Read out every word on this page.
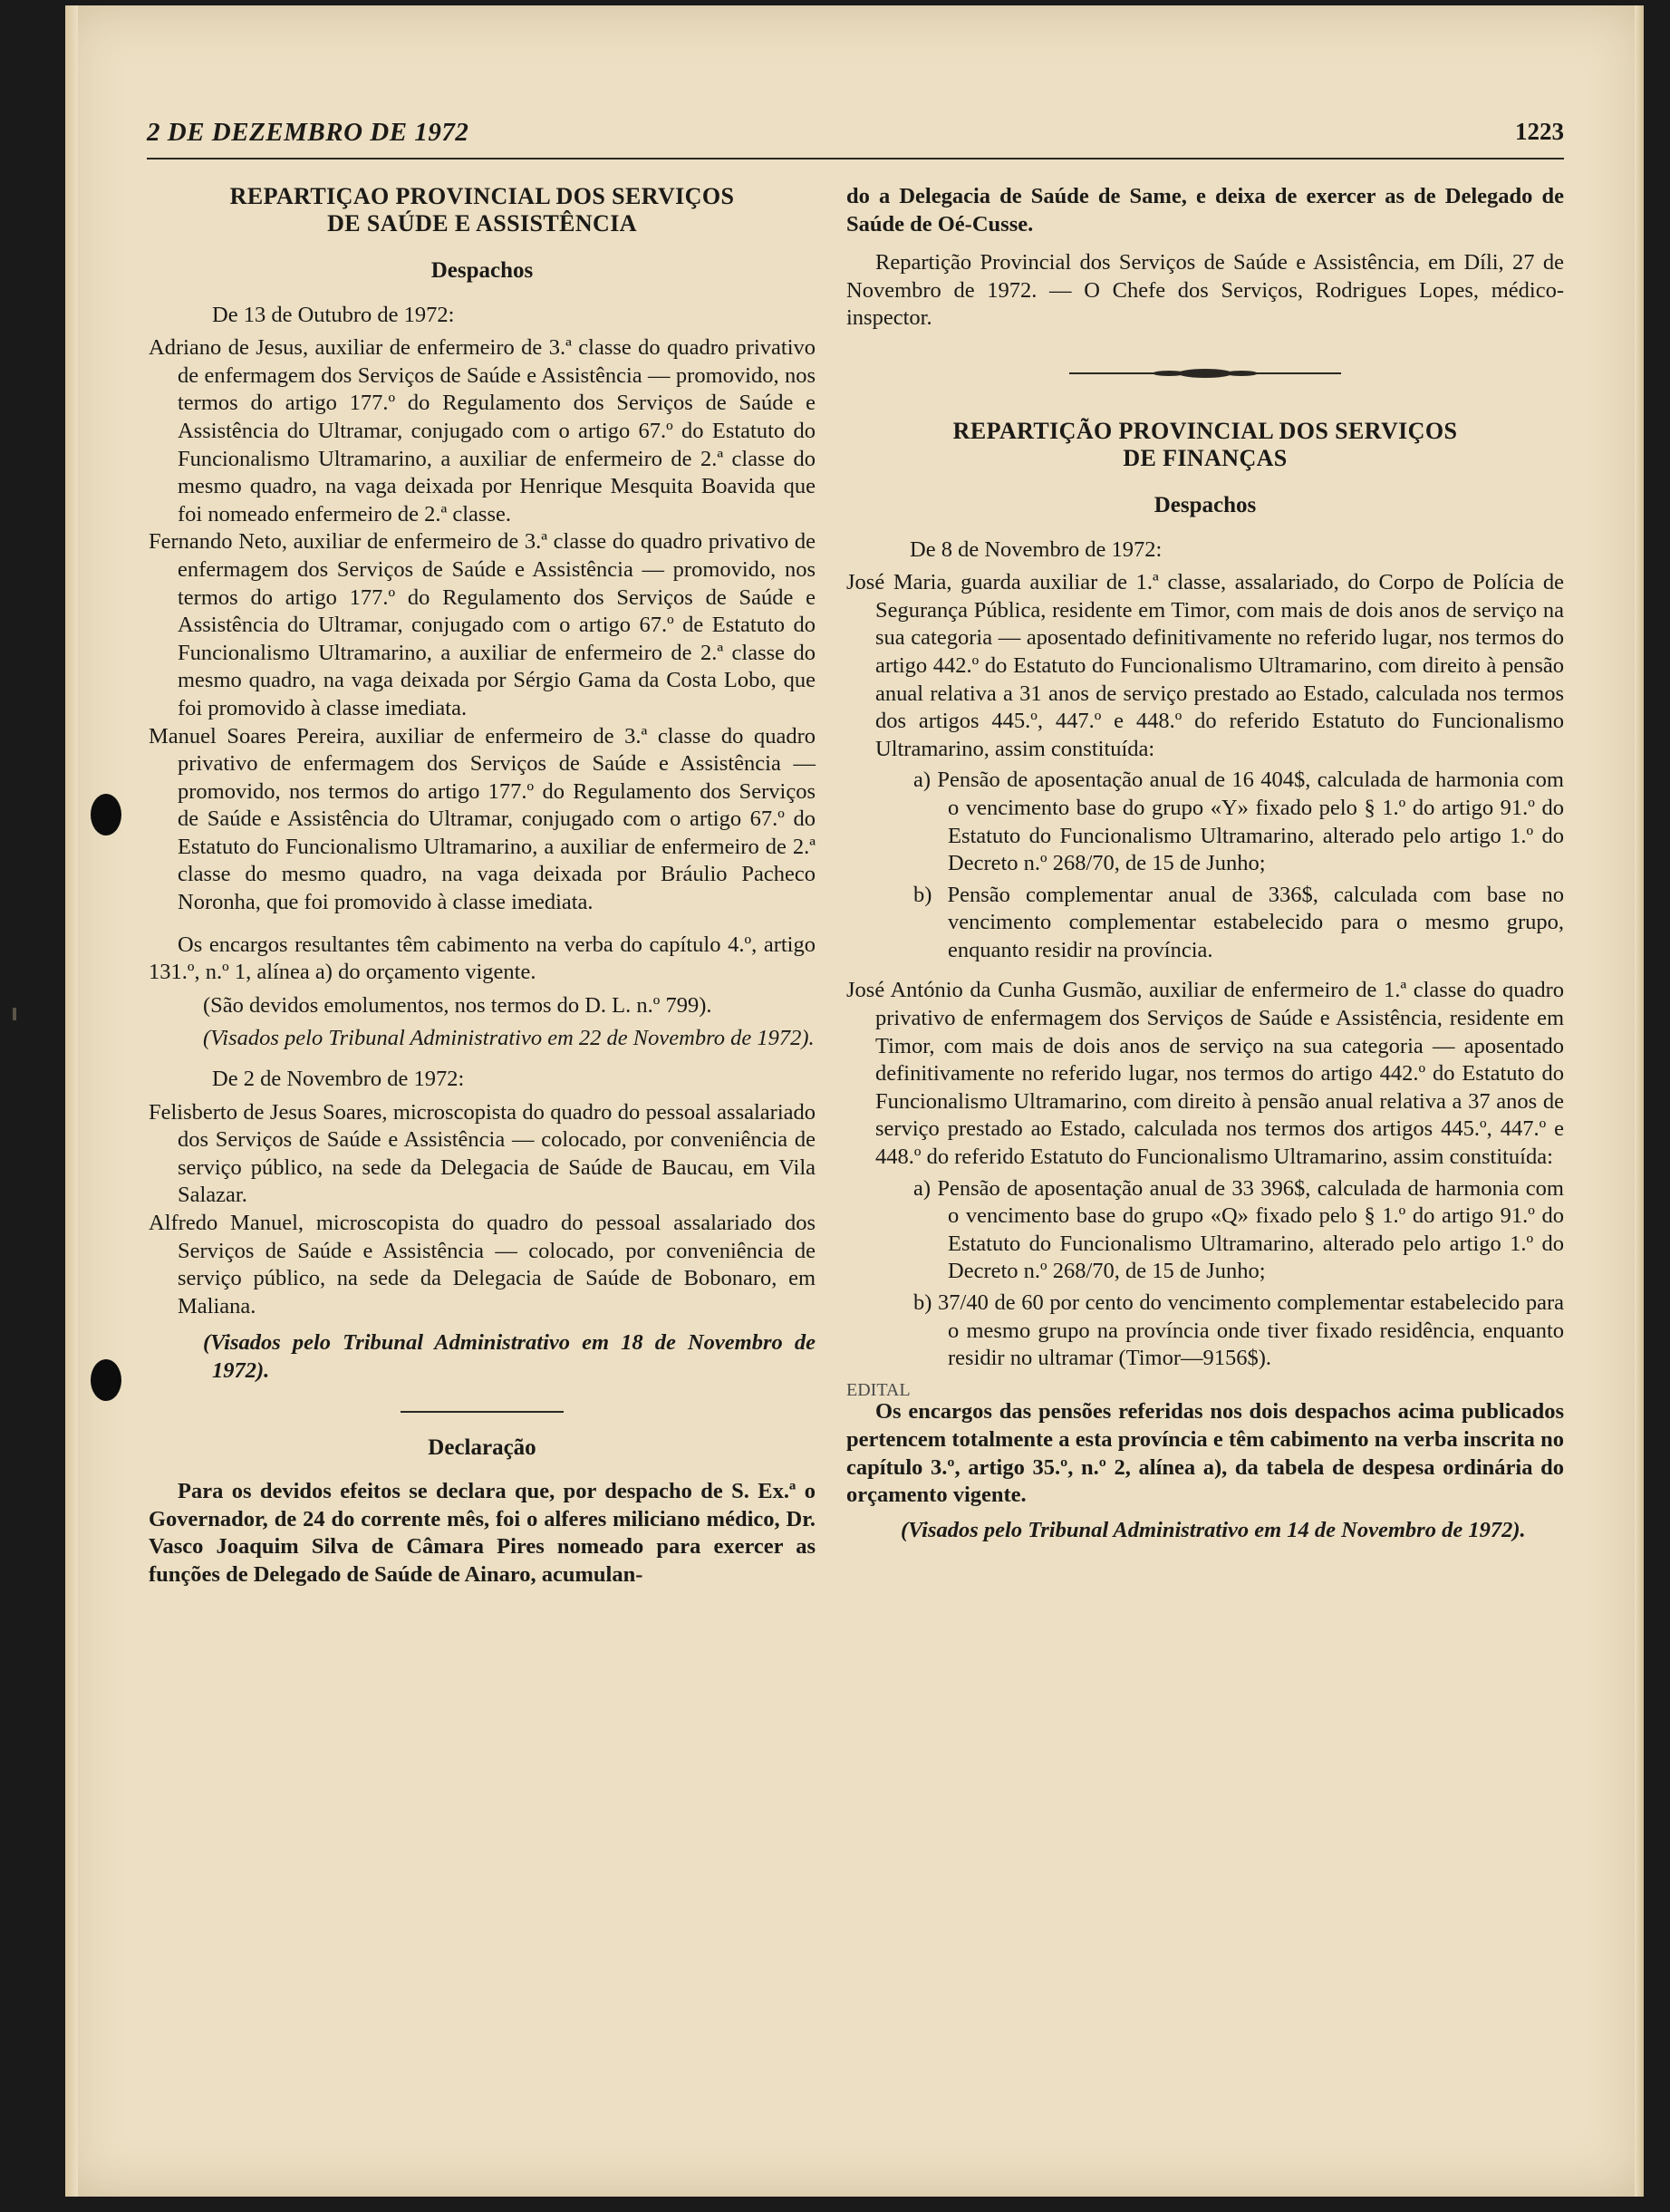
2 DE DEZEMBRO DE 1972	1223

REPARTIÇAO PROVINCIAL DOS SERVIÇOS
DE SAÚDE E ASSISTÊNCIA

Despachos

De 13 de Outubro de 1972:

Adriano de Jesus, auxiliar de enfermeiro de 3.ª classe do quadro privativo de enfermagem dos Serviços de Saúde e Assistência — promovido, nos termos do artigo 177.º do Regulamento dos Serviços de Saúde e Assistência do Ultramar, conjugado com o artigo 67.º do Estatuto do Funcionalismo Ultramarino, a auxiliar de enfermeiro de 2.ª classe do mesmo quadro, na vaga deixada por Henrique Mesquita Boavida que foi nomeado enfermeiro de 2.ª classe.

Fernando Neto, auxiliar de enfermeiro de 3.ª classe do quadro privativo de enfermagem dos Serviços de Saúde e Assistência — promovido, nos termos do artigo 177.º do Regulamento dos Serviços de Saúde e Assistência do Ultramar, conjugado com o artigo 67.º de Estatuto do Funcionalismo Ultramarino, a auxiliar de enfermeiro de 2.ª classe do mesmo quadro, na vaga deixada por Sérgio Gama da Costa Lobo, que foi promovido à classe imediata.

Manuel Soares Pereira, auxiliar de enfermeiro de 3.ª classe do quadro privativo de enfermagem dos Serviços de Saúde e Assistência — promovido, nos termos do artigo 177.º do Regulamento dos Serviços de Saúde e Assistência do Ultramar, conjugado com o artigo 67.º do Estatuto do Funcionalismo Ultramarino, a auxiliar de enfermeiro de 2.ª classe do mesmo quadro, na vaga deixada por Bráulio Pacheco Noronha, que foi promovido à classe imediata.

Os encargos resultantes têm cabimento na verba do capítulo 4.º, artigo 131.º, n.º 1, alínea a) do orçamento vigente.

(São devidos emolumentos, nos termos do D. L. n.º 799).

(Visados pelo Tribunal Administrativo em 22 de Novembro de 1972).

De 2 de Novembro de 1972:

Felisberto de Jesus Soares, microscopista do quadro do pessoal assalariado dos Serviços de Saúde e Assistência — colocado, por conveniência de serviço público, na sede da Delegacia de Saúde de Baucau, em Vila Salazar.

Alfredo Manuel, microscopista do quadro do pessoal assalariado dos Serviços de Saúde e Assistência — colocado, por conveniência de serviço público, na sede da Delegacia de Saúde de Bobonaro, em Maliana.

(Visados pelo Tribunal Administrativo em 18 de Novembro de 1972).

Declaração

Para os devidos efeitos se declara que, por despacho de S. Ex.ª o Governador, de 24 do corrente mês, foi o alferes miliciano médico, Dr. Vasco Joaquim Silva de Câmara Pires nomeado para exercer as funções de Delegado de Saúde de Ainaro, acumulan-

do a Delegacia de Saúde de Same, e deixa de exercer as de Delegado de Saúde de Oé-Cusse.

Repartição Provincial dos Serviços de Saúde e Assistência, em Díli, 27 de Novembro de 1972. — O Chefe dos Serviços, Rodrigues Lopes, médico-inspector.

REPARTIÇÃO PROVINCIAL DOS SERVIÇOS
DE FINANÇAS

Despachos

De 8 de Novembro de 1972:

José Maria, guarda auxiliar de 1.ª classe, assalariado, do Corpo de Polícia de Segurança Pública, residente em Timor, com mais de dois anos de serviço na sua categoria — aposentado definitivamente no referido lugar, nos termos do artigo 442.º do Estatuto do Funcionalismo Ultramarino, com direito à pensão anual relativa a 31 anos de serviço prestado ao Estado, calculada nos termos dos artigos 445.º, 447.º e 448.º do referido Estatuto do Funcionalismo Ultramarino, assim constituída:

a) Pensão de aposentação anual de 16 404$, calculada de harmonia com o vencimento base do grupo «Y» fixado pelo § 1.º do artigo 91.º do Estatuto do Funcionalismo Ultramarino, alterado pelo artigo 1.º do Decreto n.º 268/70, de 15 de Junho;

b) Pensão complementar anual de 336$, calculada com base no vencimento complementar estabelecido para o mesmo grupo, enquanto residir na província.

José António da Cunha Gusmão, auxiliar de enfermeiro de 1.ª classe do quadro privativo de enfermagem dos Serviços de Saúde e Assistência, residente em Timor, com mais de dois anos de serviço na sua categoria — aposentado definitivamente no referido lugar, nos termos do artigo 442.º do Estatuto do Funcionalismo Ultramarino, com direito à pensão anual relativa a 37 anos de serviço prestado ao Estado, calculada nos termos dos artigos 445.º, 447.º e 448.º do referido Estatuto do Funcionalismo Ultramarino, assim constituída:

a) Pensão de aposentação anual de 33 396$, calculada de harmonia com o vencimento base do grupo «Q» fixado pelo § 1.º do artigo 91.º do Estatuto do Funcionalismo Ultramarino, alterado pelo artigo 1.º do Decreto n.º 268/70, de 15 de Junho;

b) 37/40 de 60 por cento do vencimento complementar estabelecido para o mesmo grupo na província onde tiver fixado residência, enquanto residir no ultramar (Timor—9156$).

EDITAL

Os encargos das pensões referidas nos dois despachos acima publicados pertencem totalmente a esta província e têm cabimento na verba inscrita no capítulo 3.º, artigo 35.º, n.º 2, alínea a), da tabela de despesa ordinária do orçamento vigente.

(Visados pelo Tribunal Administrativo em 14 de Novembro de 1972).
